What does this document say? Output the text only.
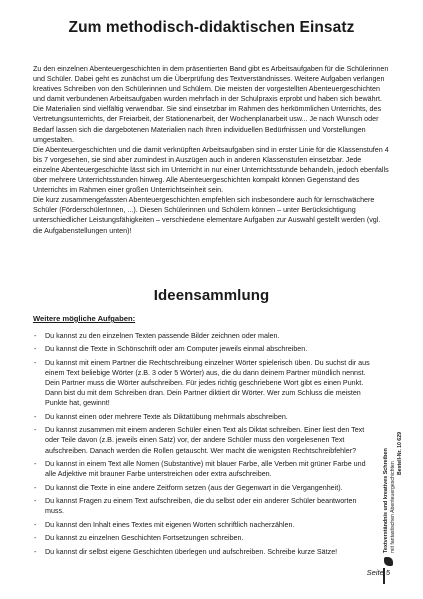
Zum methodisch-didaktischen Einsatz

Zu den einzelnen Abenteuergeschichten in dem präsentierten Band gibt es Arbeitsaufgaben für die Schülerinnen und Schüler. Dabei geht es zunächst um die Überprüfung des Textverständnisses. Weitere Aufgaben verlangen kreatives Schreiben von den Schülerinnen und Schülern. Die meisten der vorgestellten Abenteuergeschichten und damit verbundenen Arbeitsaufgaben wurden mehrfach in der Schulpraxis erprobt und haben sich bewährt. Die Materialien sind vielfältig verwendbar. Sie sind einsetzbar im Rahmen des herkömmlichen Unterrichts, des Vertretungsunterrichts, der Freiarbeit, der Stationenarbeit, der Wochenplanarbeit usw... Je nach Wunsch oder Bedarf lassen sich die dargebotenen Materialien nach Ihren individuellen Bedürfnissen und Vorstellungen umgestalten.

Die Abenteuergeschichten und die damit verknüpften Arbeitsaufgaben sind in erster Linie für die Klassenstufen 4 bis 7 vorgesehen, sie sind aber zumindest in Auszügen auch in anderen Klassenstufen einsetzbar. Jede einzelne Abenteuergeschichte lässt sich im Unterricht in nur einer Unterrichtsstunde behandeln, jedoch ebenfalls über mehrere Unterrichtsstunden hinweg. Alle Abenteuergeschichten kompakt können Gegenstand des Unterrichts im Rahmen einer großen Unterrichtseinheit sein.

Die kurz zusammengefassten Abenteuergeschichten empfehlen sich insbesondere auch für lernschwächere Schüler (FörderschülerInnen, ...). Diesen Schülerinnen und Schülern können – unter Berücksichtigung unterschiedlicher Leistungsfähigkeiten – verschiedene elementare Aufgaben zur Auswahl gestellt werden (vgl. die Aufgabenstellungen unten)!

Ideensammlung
Weitere mögliche Aufgaben:
- Du kannst zu den einzelnen Texten passende Bilder zeichnen oder malen.
- Du kannst die Texte in Schönschrift oder am Computer jeweils einmal abschreiben.
- Du kannst mit einem Partner die Rechtschreibung einzelner Wörter spielerisch üben. Du suchst dir aus einem Text beliebige Wörter (z.B. 3 oder 5 Wörter) aus, die du dann deinem Partner mündlich nennst. Dein Partner muss die Wörter aufschreiben. Für jedes richtig geschriebene Wort gibt es einen Punkt. Dann bist du mit dem Schreiben dran. Dein Partner diktiert dir Wörter. Wer zum Schluss die meisten Punkte hat, gewinnt!
- Du kannst einen oder mehrere Texte als Diktatübung mehrmals abschreiben.
- Du kannst zusammen mit einem anderen Schüler einen Text als Diktat schreiben. Einer liest den Text oder Teile davon (z.B. jeweils einen Satz) vor, der andere Schüler muss den vorgelesenen Text aufschreiben. Danach werden die Rollen getauscht. Wer macht die wenigsten Rechtschreibfehler?
- Du kannst in einem Text alle Nomen (Substantive) mit blauer Farbe, alle Verben mit grüner Farbe und alle Adjektive mit brauner Farbe unterstreichen oder extra aufschreiben.
- Du kannst die Texte in eine andere Zeitform setzen (aus der Gegenwart in die Vergangenheit).
- Du kannst Fragen zu einem Text aufschreiben, die du selbst oder ein anderer Schüler beantworten muss.
- Du kannst den Inhalt eines Textes mit eigenen Worten schriftlich nacherzählen.
- Du kannst zu einzelnen Geschichten Fortsetzungen schreiben.
- Du kannst dir selbst eigene Geschichten überlegen und aufschreiben. Schreibe kurze Sätze!	Textverständnis und kreatives Schreiben mit fantastischen Abenteuergeschichten
Bestell-Nr. 10 629
Seite 5
